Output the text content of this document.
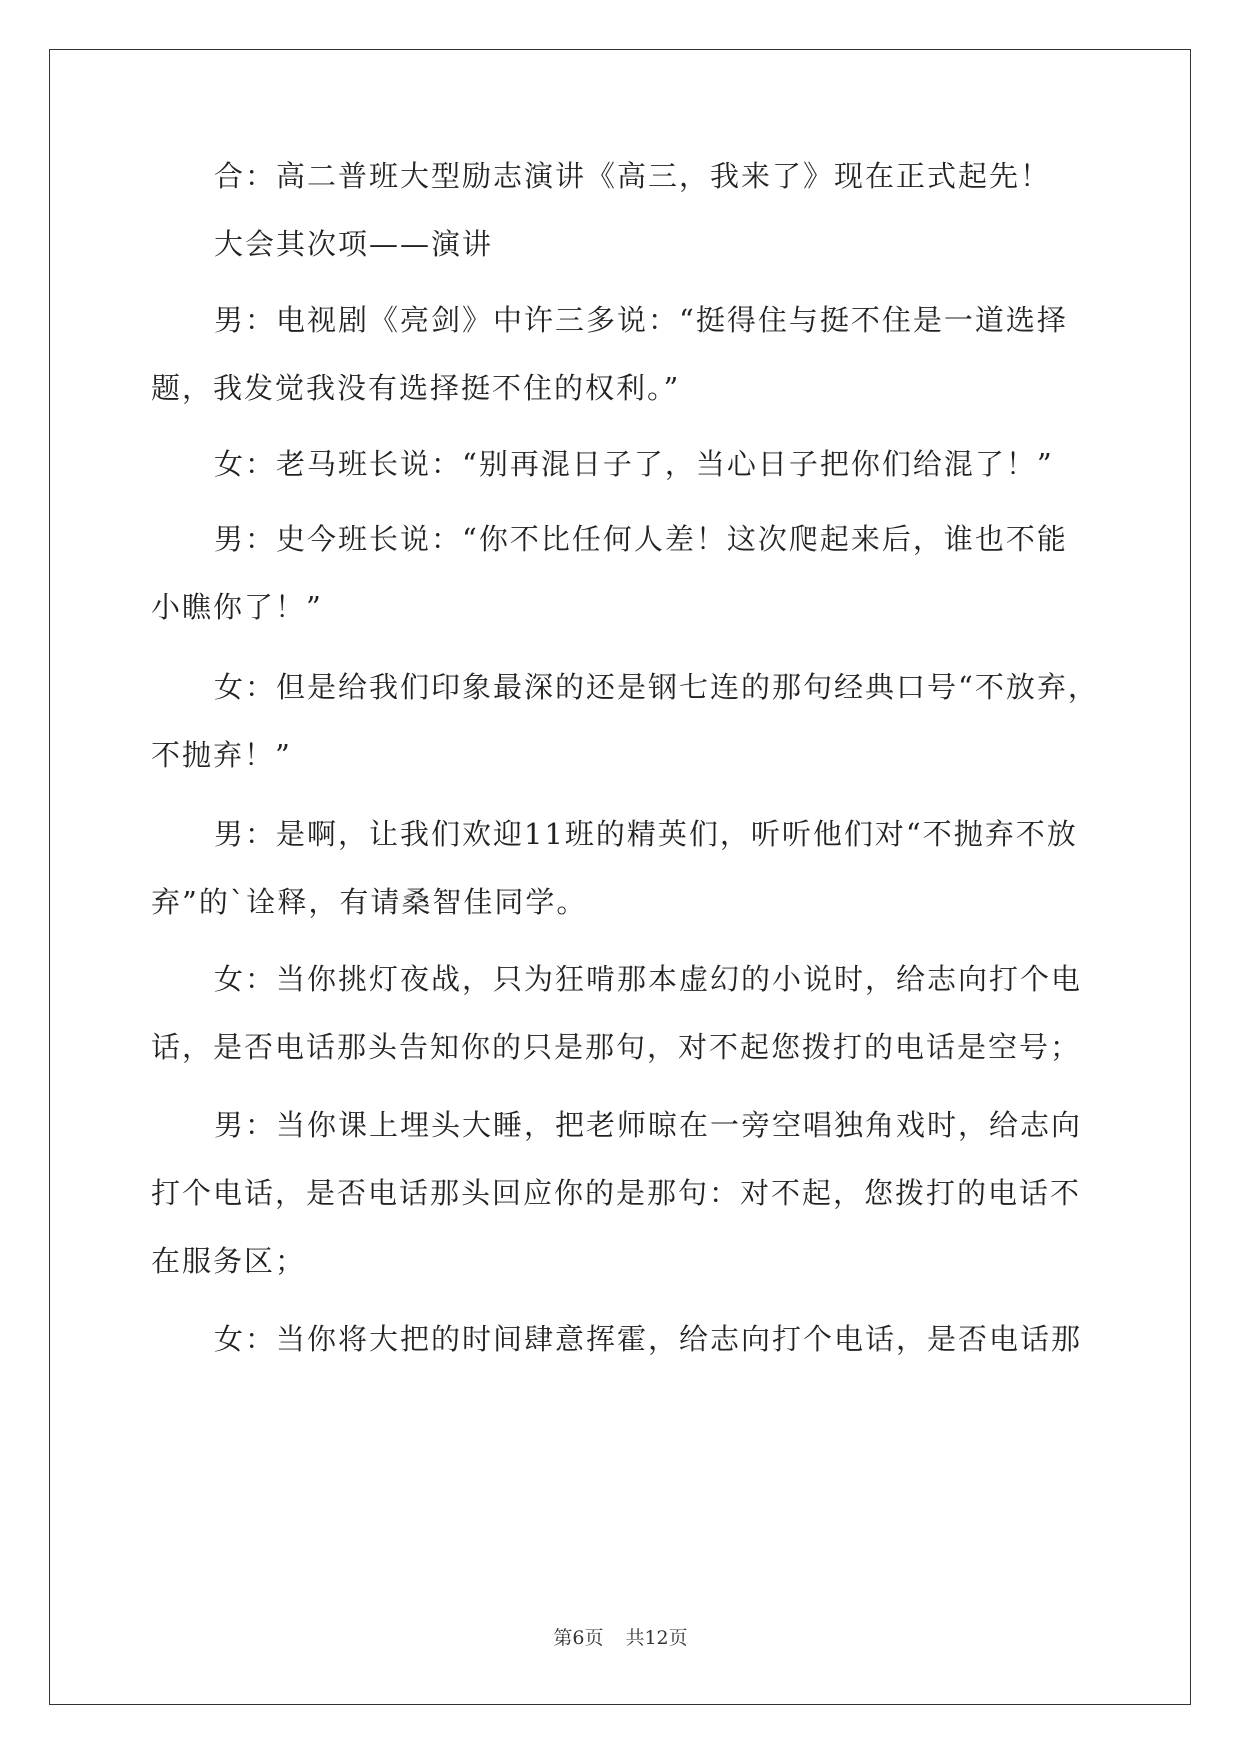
合：高二普班大型励志演讲《高三，我来了》现在正式起先！

大会其次项——演讲

男：电视剧《亮剑》中许三多说：“挺得住与挺不住是一道选择
题，我发觉我没有选择挺不住的权利。”

女：老马班长说：“别再混日子了，当心日子把你们给混了！”

男：史今班长说：“你不比任何人差！这次爬起来后，谁也不能
小瞧你了！”

女：但是给我们印象最深的还是钢七连的那句经典口号“不放弃，
不抛弃！”

男：是啊，让我们欢迎11班的精英们，听听他们对“不抛弃不放
弃”的`诠释，有请桑智佳同学。

女：当你挑灯夜战，只为狂啃那本虚幻的小说时，给志向打个电
话，是否电话那头告知你的只是那句，对不起您拨打的电话是空号；

男：当你课上埋头大睡，把老师晾在一旁空唱独角戏时，给志向
打个电话，是否电话那头回应你的是那句：对不起，您拨打的电话不
在服务区；

女：当你将大把的时间肆意挥霍，给志向打个电话，是否电话那

第6页 共12页
